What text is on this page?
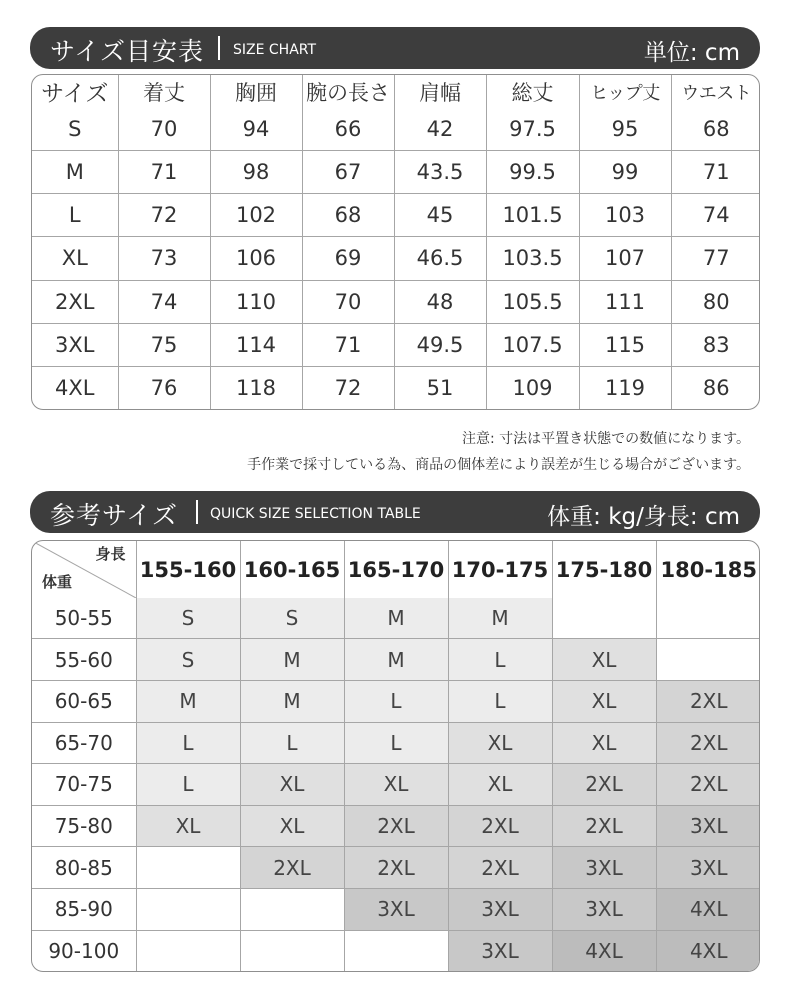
サイズ目安表 SIZE CHART	単位: cm
サイズ	着丈	胸囲	腕の長さ	肩幅	総丈	ヒップ丈	ウエスト
S	70	94	66	42	97.5	95	68
M	71	98	67	43.5	99.5	99	71
L	72	102	68	45	101.5	103	74
XL	73	106	69	46.5	103.5	107	77
2XL	74	110	70	48	105.5	111	80
3XL	75	114	71	49.5	107.5	115	83
4XL	76	118	72	51	109	119	86
注意: 寸法は平置き状態での数値になります。
手作業で採寸している為、商品の個体差により誤差が生じる場合がございます。
参考サイズ QUICK SIZE SELECTION TABLE	体重: kg/身長: cm
身長
体重	155-160	160-165	165-170	170-175	175-180	180-185
50-55	S	S	M	M		
55-60	S	M	M	L	XL	
60-65	M	M	L	L	XL	2XL
65-70	L	L	L	XL	XL	2XL
70-75	L	XL	XL	XL	2XL	2XL
75-80	XL	XL	2XL	2XL	2XL	3XL
80-85		2XL	2XL	2XL	3XL	3XL
85-90			3XL	3XL	3XL	4XL
90-100				3XL	4XL	4XL
